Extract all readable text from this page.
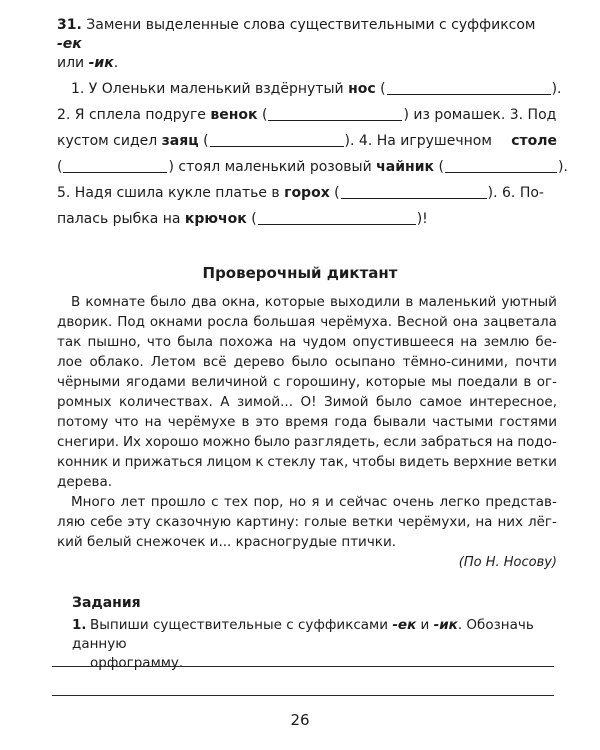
31. Замени выделенные слова существительными с суффиксом -ек
или -ик.
1. У Оленьки маленький вздёрнутый нос (	).
2. Я сплела подруге венок (	) из ромашек. 3. Под
кустом сидел заяц (	). 4. На игрушечном столе
(	) стоял маленький розовый чайник (	).
5. Надя сшила кукле платье в горох (	). 6. По-
палась рыбка на крючок (	)!
Проверочный диктант
В комнате было два окна, которые выходили в маленький уютный
дворик. Под окнами росла большая черёмуха. Весной она зацветала
так пышно, что была похожа на чудом опустившееся на землю бе-
лое облако. Летом всё дерево было осыпано тёмно-синими, почти
чёрными ягодами величиной с горошину, которые мы поедали в ог-
ромных количествах. А зимой... О! Зимой было самое интересное,
потому что на черёмухе в это время года бывали частыми гостями
снегири. Их хорошо можно было разглядеть, если забраться на подо-
конник и прижаться лицом к стеклу так, чтобы видеть верхние ветки
дерева.
Много лет прошло с тех пор, но я и сейчас очень легко представ-
ляю себе эту сказочную картину: голые ветки черёмухи, на них лёг-
кий белый снежочек и... красногрудые птички.
(По Н. Носову)
Задания
1. Выпиши существительные с суффиксами -ек и -ик. Обозначь данную
орфограмму.
26
